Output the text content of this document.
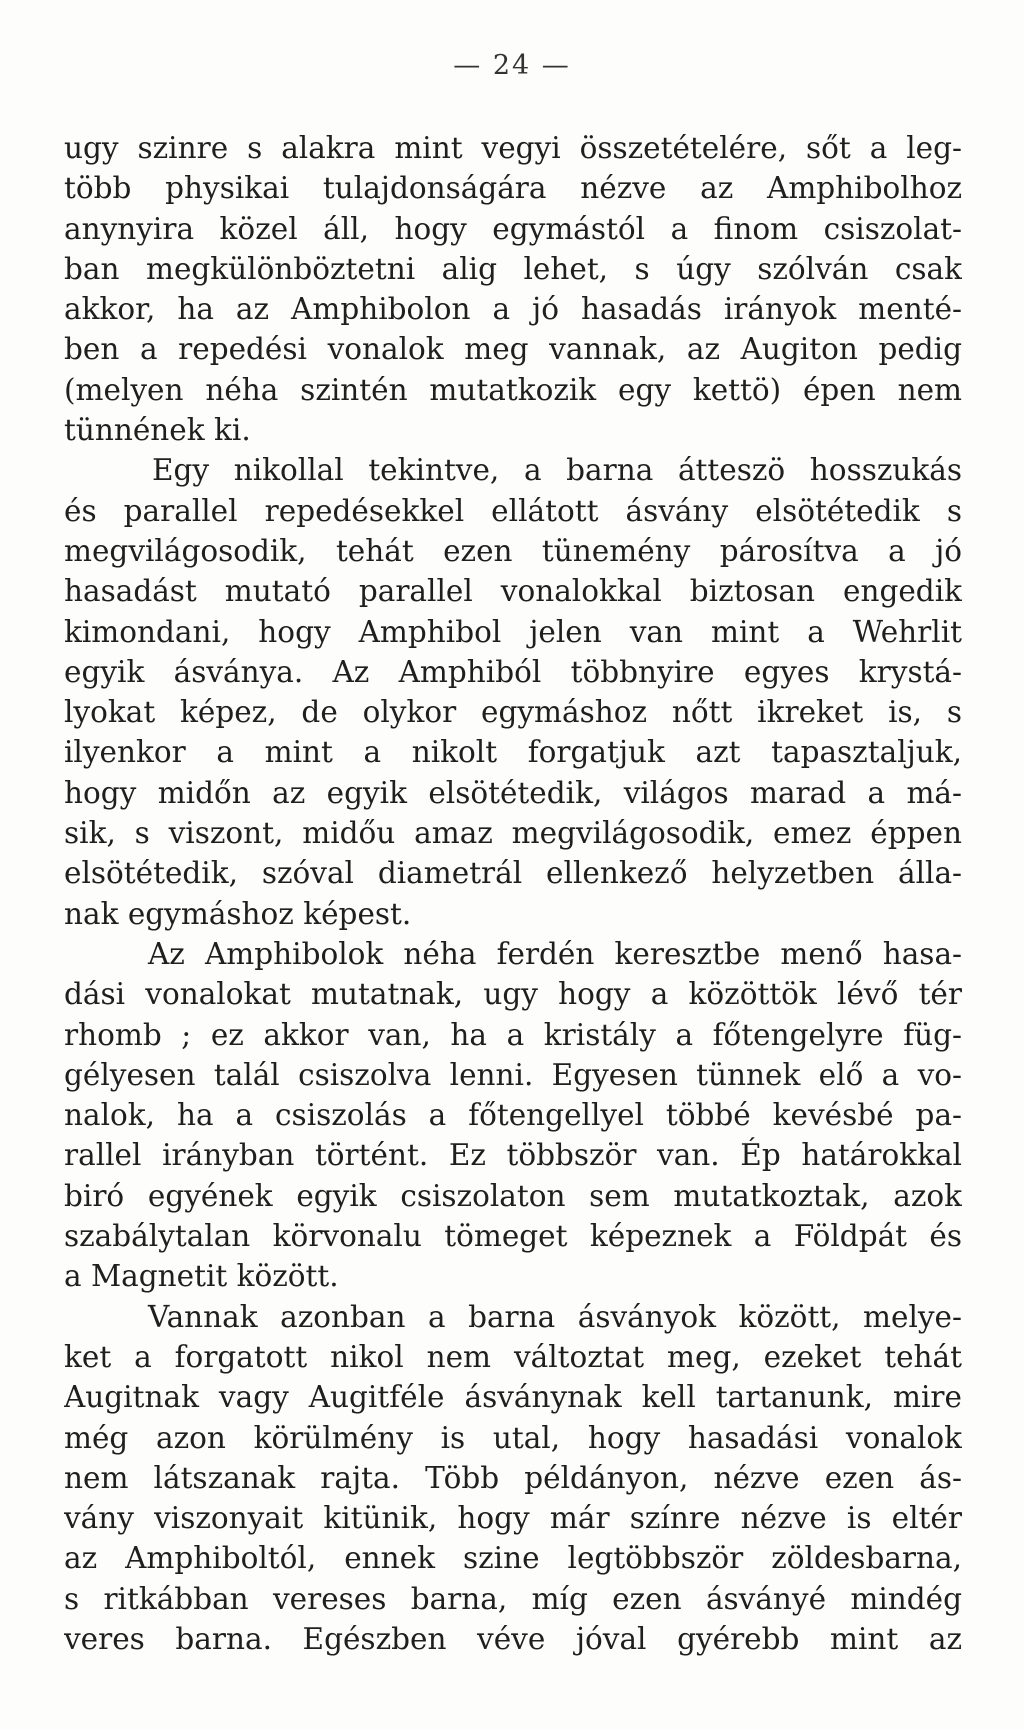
— 24 —
ugy szinre s alakra mint vegyi összetételére, sőt a leg-
több physikai tulajdonságára nézve az Amphibolhoz
anynyira közel áll, hogy egymástól a finom csiszolat-
ban megkülönböztetni alig lehet, s úgy szólván csak
akkor, ha az Amphibolon a jó hasadás irányok menté-
ben a repedési vonalok meg vannak, az Augiton pedig
(melyen néha szintén mutatkozik egy kettö) épen nem
tünnének ki.
Egy nikollal tekintve, a barna átteszö hosszukás
és parallel repedésekkel ellátott ásvány elsötétedik s
megvilágosodik, tehát ezen tünemény párosítva a jó
hasadást mutató parallel vonalokkal biztosan engedik
kimondani, hogy Amphibol jelen van mint a Wehrlit
egyik ásványa. Az Amphiból többnyire egyes krystá-
lyokat képez, de olykor egymáshoz nőtt ikreket is, s
ilyenkor a mint a nikolt forgatjuk azt tapasztaljuk,
hogy midőn az egyik elsötétedik, világos marad a má-
sik, s viszont, midőu amaz megvilágosodik, emez éppen
elsötétedik, szóval diametrál ellenkező helyzetben álla-
nak egymáshoz képest.
Az Amphibolok néha ferdén keresztbe menő hasa-
dási vonalokat mutatnak, ugy hogy a közöttök lévő tér
rhomb ; ez akkor van, ha a kristály a főtengelyre füg-
gélyesen talál csiszolva lenni. Egyesen tünnek elő a vo-
nalok, ha a csiszolás a főtengellyel többé kevésbé pa-
rallel irányban történt. Ez többször van. Ép határokkal
biró egyének egyik csiszolaton sem mutatkoztak, azok
szabálytalan körvonalu tömeget képeznek a Földpát és
a Magnetit között.
Vannak azonban a barna ásványok között, melye-
ket a forgatott nikol nem változtat meg, ezeket tehát
Augitnak vagy Augitféle ásványnak kell tartanunk, mire
még azon körülmény is utal, hogy hasadási vonalok
nem látszanak rajta. Több példányon, nézve ezen ás-
vány viszonyait kitünik, hogy már színre nézve is eltér
az Amphiboltól, ennek szine legtöbbször zöldesbarna,
s ritkábban vereses barna, míg ezen ásványé mindég
veres barna. Egészben véve jóval gyérebb mint az
